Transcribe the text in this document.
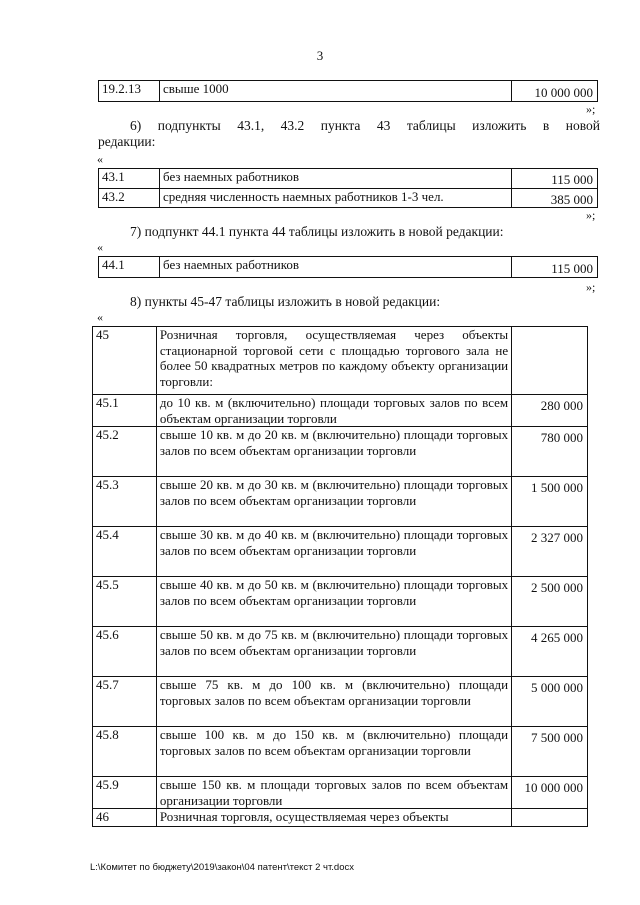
3
19.2.13	свыше 1000	10 000 000
»;
6) подпункты 43.1, 43.2 пункта 43 таблицы изложить в новой
редакции:
«
43.1	без наемных работников	115 000
43.2	средняя численность наемных работников 1-3 чел.	385 000
»;
7) подпункт 44.1 пункта 44 таблицы изложить в новой редакции:
«
44.1	без наемных работников	115 000
»;
8) пункты 45-47 таблицы изложить в новой редакции:
«
45	Розничная торговля, осуществляемая через объекты стационарной торговой сети с площадью торгового зала не более 50 квадратных метров по каждому объекту организации торговли:	
45.1	до 10 кв. м (включительно) площади торговых залов по всем объектам организации торговли	280 000
45.2	свыше 10 кв. м до 20 кв. м (включительно) площади торговых залов по всем объектам организации торговли	780 000
45.3	свыше 20 кв. м до 30 кв. м (включительно) площади торговых залов по всем объектам организации торговли	1 500 000
45.4	свыше 30 кв. м до 40 кв. м (включительно) площади торговых залов по всем объектам организации торговли	2 327 000
45.5	свыше 40 кв. м до 50 кв. м (включительно) площади торговых залов по всем объектам организации торговли	2 500 000
45.6	свыше 50 кв. м до 75 кв. м (включительно) площади торговых залов по всем объектам организации торговли	4 265 000
45.7	свыше 75 кв. м до 100 кв. м (включительно) площади торговых залов по всем объектам организации торговли	5 000 000
45.8	свыше 100 кв. м до 150 кв. м (включительно) площади торговых залов по всем объектам организации торговли	7 500 000
45.9	свыше 150 кв. м площади торговых залов по всем объектам организации торговли	10 000 000
46	Розничная торговля, осуществляемая через объекты	
L:\Комитет по бюджету\2019\закон\04 патент\текст 2 чт.docx
